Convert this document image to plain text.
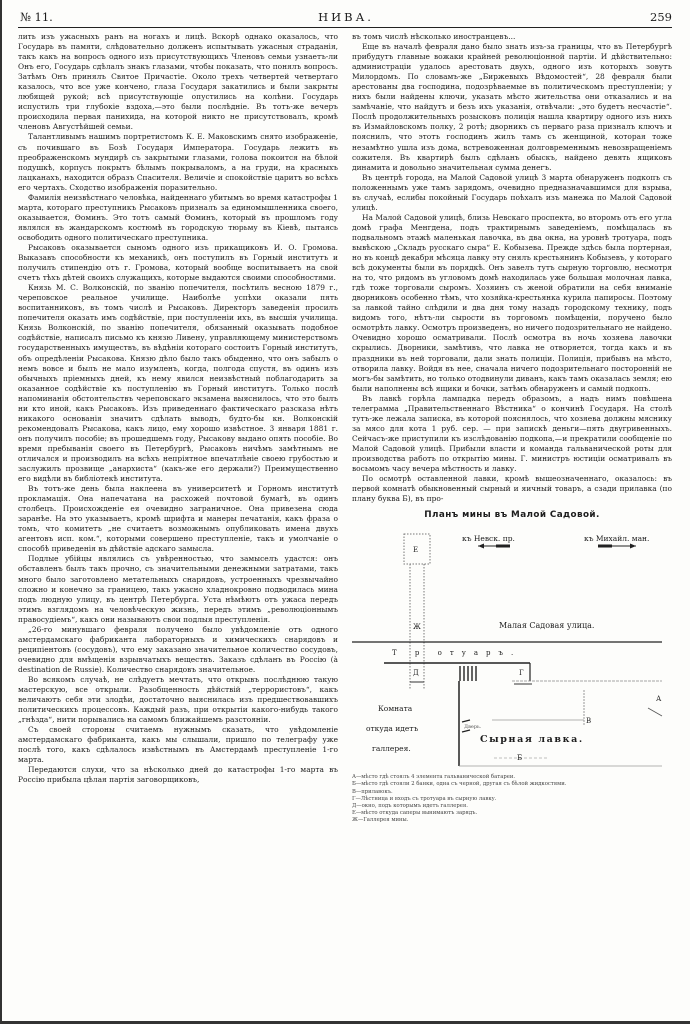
№ 11.	НИВА.	259

лить изъ ужасныхъ ранъ на ногахъ и лицѣ. Вскорѣ однако оказалось, что Государь въ памяти, слѣдовательно долженъ испытывать ужасныя страданія, такъ какъ на вопросъ одного изъ присутствующихъ Членовъ семьи узнаетъ-ли Онъ его, Государь сдѣлалъ знакъ глазами, чтобы показать, что понялъ вопросъ. Затѣмъ Онъ принялъ Святое Причастіе. Около трехъ четвертей четвертаго казалось, что все уже кончено, глаза Государя закатились и были закрыты любящей рукой; всѣ присутствующіе опустились на колѣни. Государь испустилъ три глубокіе вздоха,—это были послѣдніе. Въ тотъ-же вечеръ происходила первая панихида, на которой никто не присутствовалъ, кромѣ членовъ Августѣйшей семьи.

Талантливымъ нашимъ портретистомъ К. Е. Маковскимъ снято изображеніе, съ почившаго въ Бозѣ Государя Императора. Государь лежитъ въ преображенскомъ мундирѣ съ закрытыми глазами, голова покоится на бѣлой подушкѣ, корпусъ покрытъ бѣлымъ покрываломъ, а на груди, на красныхъ лацканахъ, находится образъ Спасителя. Величіе и спокойствіе царитъ во всѣхъ его чертахъ. Сходство изображенія поразительно.

Фамилія неизвѣстнаго человѣка, найденнаго убитымъ во время катастрофы 1 марта, котораго преступникъ Рысаковъ призналъ за единомышленника своего, оказывается, Ѳоминъ. Это тотъ самый Ѳоминъ, который въ прошломъ году являлся въ жандарскомъ костюмѣ въ городскую тюрьму въ Кіевѣ, пытаясь освободить одного политическаго преступника.

Рысаковъ оказывается сыномъ одного изъ прикащиковъ И. О. Громова. Выказавъ способности къ механикѣ, онъ поступилъ въ Горный институтъ и получилъ стипендію отъ г. Громова, который вообще воспитываетъ на свой счетъ тѣхъ дѣтей своихъ служащихъ, которые выдаются своими способностями.

Князь М. С. Волконскій, по званію попечителя, посѣтилъ весною 1879 г., череповское реальное училище. Наиболѣе успѣхи оказали пять воспитанниковъ, въ томъ числѣ и Рысаковъ. Директоръ заведенія просилъ попечителя оказать имъ содѣйствіе, при поступленіи ихъ, въ высшія училища. Князь Волконскій, по званію попечителя, обязанный оказывать подобное содѣйствіе, написалъ письмо къ князю Ливену, управляющему министерствомъ государственныхъ имуществъ, въ вѣдѣніи котораго состоитъ Горный институтъ, объ опредѣленіи Рысакова. Князю дѣло было такъ обыденно, что онъ забылъ о немъ вовсе и былъ не мало изумленъ, когда, полгода спустя, въ одинъ изъ обычныхъ пріемныхъ дней, къ нему явился неизвѣстный поблагодарить за оказанное содѣйствіе къ поступленію въ Горный институтъ. Только послѣ напоминанія обстоятельствъ череповскаго экзамена выяснилось, что это былъ ни кто иной, какъ Рысаковъ. Изъ приведеннаго фактическаго разсказа нѣтъ никакого основанія значитъ сдѣлать выводъ, будто-бы кн. Волконскій рекомендовалъ Рысакова, какъ лицо, ему хорошо извѣстное. 3 января 1881 г. онъ получилъ пособіе; въ прошедшемъ году, Рысакову выдано опять пособіе. Во время пребыванія своего въ Петербургѣ, Рысаковъ ничѣмъ замѣтнымъ не отличался и производилъ на всѣхъ непріятное впечатлѣніе своею грубостью и заслужилъ прозвище „анархиста“ (какъ-же его держали?) Преимущественно его видѣли въ библіотекѣ института.

Въ тотъ-же день была наклеена въ университетѣ и Горномъ институтѣ прокламація. Она напечатана на расхожей почтовой бумагѣ, въ одинъ столбецъ. Происхожденіе ея очевидно заграничное. Она привезена сюда заранѣе. На это указываетъ, кромѣ шрифта и манеры печатанія, какъ фраза о томъ, что комитетъ „не считаетъ возможнымъ опубликовать имена двухъ агентовъ исп. ком.“, которыми совершено преступленіе, такъ и умолчаніе о способѣ приведенія въ дѣйствіе адскаго замысла.

Подлые убійцы являлись съ увѣренностью, что замыселъ удастся: онъ обставленъ былъ такъ прочно, съ значительными денежными затратами, такъ много было заготовлено метательныхъ снарядовъ, устроенныхъ чрезвычайно сложно и конечно за границею, такъ ужасно хладнокровно подводилась мина подъ людную улицу, въ центрѣ Петербурга. Уста нѣмѣютъ отъ ужаса передъ этимъ взглядомъ на человѣческую жизнь, передъ этимъ „революціоннымъ правосудіемъ“, какъ они называютъ свои подлыя преступленія.

„26-го минувшаго февраля получено было увѣдомленіе отъ одного амстердамскаго фабриканта лабораторныхъ и химическихъ снарядовъ и реципіентовъ (сосудовъ), что ему заказано значительное количество сосудовъ, очевидно для вмѣщенія взрывчатыхъ веществъ. Заказъ сдѣланъ въ Россію (à destination de Russie). Количество снарядовъ значительное.

Во всякомъ случаѣ, не слѣдуетъ мечтать, что открывъ послѣднюю такую мастерскую, все открыли. Разобщенность дѣйствій „террористовъ“, какъ величаютъ себя эти злодѣи, достаточно выяснилась изъ предшествовавшихъ политическихъ процессовъ. Каждый разъ, при открытіи какого-нибудь такого „гнѣзда“, нити порывались на самомъ ближайшемъ разстояніи.

Съ своей стороны считаемъ нужнымъ сказать, что увѣдомленіе амстердамскаго фабриканта, какъ мы слышали, пришло по телеграфу уже послѣ того, какъ сдѣлалось извѣстнымъ въ Амстердамѣ преступленіе 1-го марта.

Передаются слухи, что за нѣсколько дней до катастрофы 1-го марта въ Россію прибыла цѣлая партія заговорщиковъ,

въ томъ числѣ нѣсколько иностранцевъ...

Еще въ началѣ февраля дано было знать изъ-за границы, что въ Петербургѣ прибудутъ главные вожаки крайней революціонной партіи. И дѣйствительно: администраціи удалось арестовать двухъ, одного изъ которыхъ зовутъ Милордомъ. По словамъ-же „Биржевыхъ Вѣдомостей“, 28 февраля были арестованы два господина, подозрѣваемые въ политическомъ преступленіи; у нихъ были найдены ключи, указать мѣсто жительства они отказались и на замѣчаніе, что найдутъ и безъ ихъ указанія, отвѣчали: „это будетъ несчастіе“. Послѣ продолжительныхъ розысковъ полиція нашла квартиру одного изъ нихъ въ Измайловскомъ полку, 2 ротѣ; дворникъ съ перваго раза призналъ ключъ и пояснилъ, что этотъ господинъ жилъ тамъ съ женщиной, которая тоже незамѣтно ушла изъ дома, встревоженная долговременнымъ невозвращеніемъ сожителя. Въ квартирѣ былъ сдѣланъ обыскъ, найдено девять ящиковъ динамита и довольно значительная сумма денегъ.

Въ центрѣ города, на Малой Садовой улицѣ 3 марта обнаруженъ подкопъ съ положеннымъ уже тамъ зарядомъ, очевидно предназначавшимся для взрыва, въ случаѣ, еслибы покойный Государь поѣхалъ изъ манежа по Малой Садовой улицѣ.

На Малой Садовой улицѣ, близь Невскаго проспекта, во второмъ отъ его угла домѣ графа Менгдена, подъ трактирнымъ заведеніемъ, помѣщалась въ подвальномъ этажѣ маленькая лавочка, въ два окна, на уровнѣ тротуара, подъ вывѣскою „Складъ русскаго сыра“ Е. Кобызева. Прежде здѣсь была портерная, но въ концѣ декабря мѣсяца лавку эту снялъ крестьянинъ Кобызевъ, у котораго всѣ документы были въ порядкѣ. Онъ завелъ тутъ сырную торговлю, несмотря на то, что рядомъ въ угловомъ домѣ находилась уже большая молочная лавка, гдѣ тоже торговали сыромъ. Хозяинъ съ женой обратили на себя вниманіе дворниковъ особенно тѣмъ, что хозяйка-крестьянка курила папиросы. Поэтому за лавкой тайно слѣдили и два дня тому назадъ городскому технику, подъ видомъ того, нѣтъ-ли сырости въ торговомъ помѣщеніи, поручено было осмотрѣть лавку. Осмотръ произведенъ, но ничего подозрительнаго не найдено. Очевидно хорошо осматривали. Послѣ осмотра въ ночь хозяева лавочки скрылись. Дворники, замѣтивъ, что лавка не отворяется, тогда какъ и въ праздники въ ней торговали, дали знать полиціи. Полиція, прибывъ на мѣсто, отворила лавку. Войдя въ нее, сначала ничего подозрительнаго посторонній не могъ-бы замѣтить, но только отодвинули диванъ, какъ тамъ оказалась земля; ею были наполнены всѣ ящики и бочки, затѣмъ обнаруженъ и самый подкопъ.

Въ лавкѣ горѣла лампадка передъ образомъ, а надъ нимъ повѣшена телеграмма „Правительственнаго Вѣстника“ о кончинѣ Государя. На столѣ тутъ-же лежала записка, въ которой пояснялось, что хозяева должны мяснику за мясо для кота 1 руб. сер. — при запискѣ деньги—пять двугривенныхъ. Сейчасъ-же приступили къ изслѣдованію подкопа,—и прекратили сообщеніе по Малой Садовой улицѣ. Прибыли власти и команда гальванической роты для производства работъ по открытію мины. Г. министръ юстиціи осматривалъ въ восьмомъ часу вечера мѣстность и лавку.

По осмотрѣ оставленной лавки, кромѣ вышеозначеннаго, оказалось: въ первой комнатѣ обыкновенный сырный и яичный товаръ, а сзади прилавка (по плану буква Б), въ про-

Планъ мины въ Малой Садовой.
Е
къ Невск. пр.	къ Михайл. ман.
Ж	Малая Садовая улица.
Т р отуаръ.
Д	Г
А
Комната
откуда идетъ
галлерея.
Дверь.
В
Сырная лавка.
Б
А—мѣсто гдѣ стоялъ 4 элемента гальванической батареи.
Б—мѣсто гдѣ стояли 2 банки, одна съ черной, другая съ бѣлой жидкостями.
В—прилавокъ.
Г—Лѣстница и входъ съ тротуара въ сырную лавку.
Д—окно, подъ которымъ идетъ галлерея.
Е—мѣсто откуда саперы вынимаютъ зарядъ.
Ж—Галлерея мины.
